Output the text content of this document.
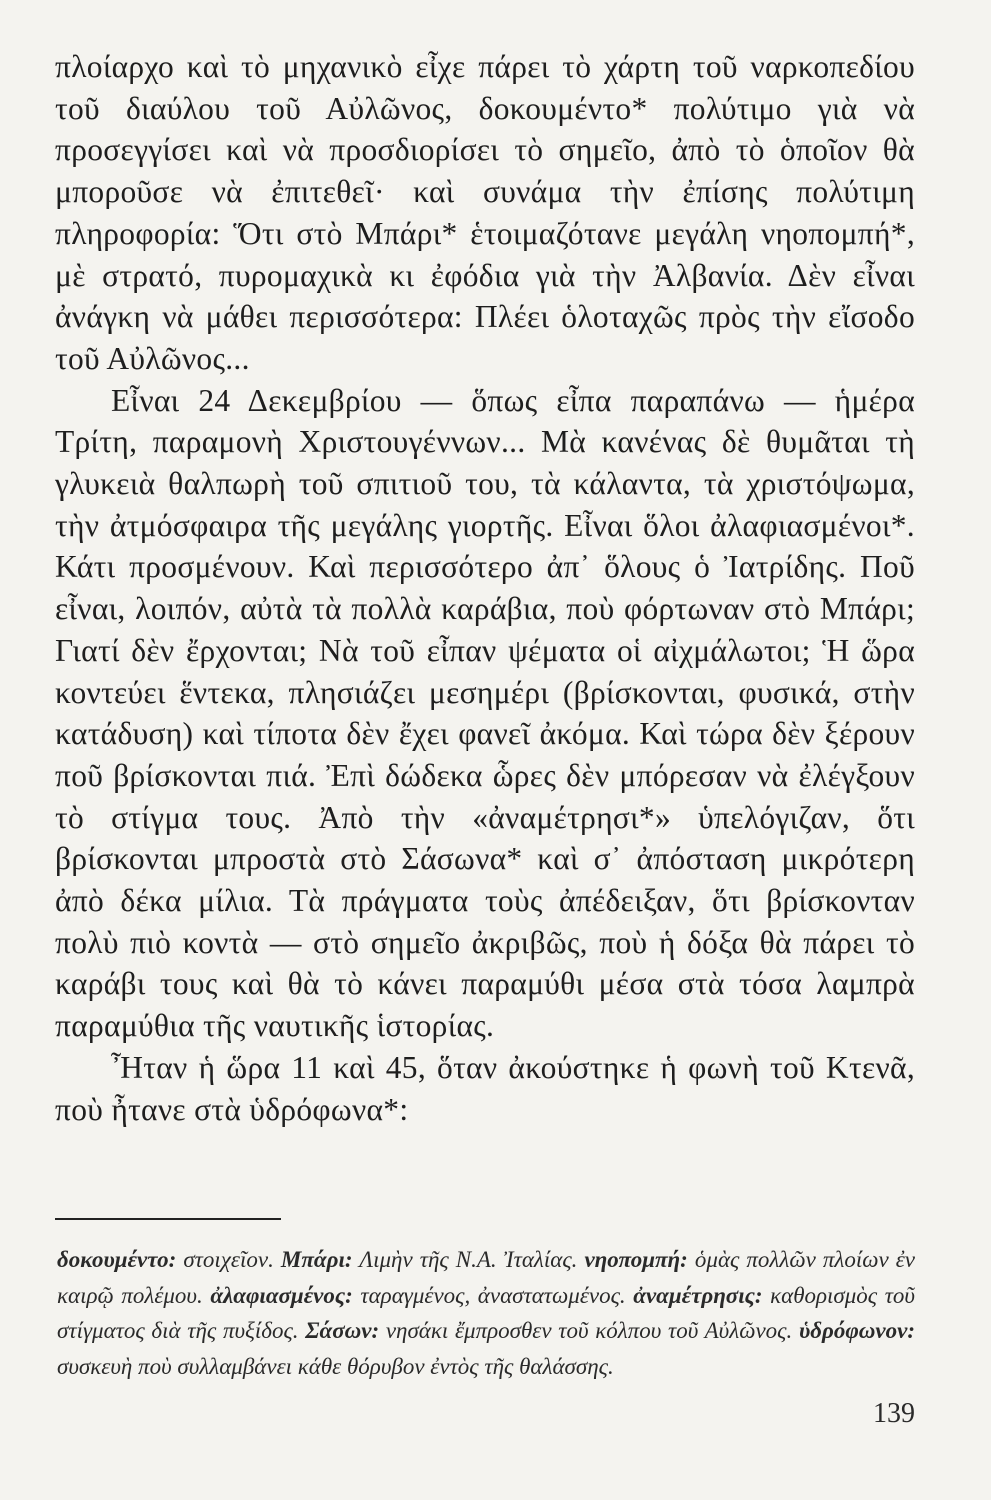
πλοίαρχο καὶ τὸ μηχανικὸ εἶχε πάρει τὸ χάρτη τοῦ ναρκοπεδίου τοῦ διαύλου τοῦ Αὐλῶνος, δοκουμέντο* πολύτιμο γιὰ νὰ προσεγγίσει καὶ νὰ προσδιορίσει τὸ σημεῖο, ἀπὸ τὸ ὁποῖον θὰ μποροῦσε νὰ ἐπιτεθεῖ· καὶ συνάμα τὴν ἐπίσης πολύτιμη πληροφορία: Ὅτι στὸ Μπάρι* ἑτοιμαζότανε μεγάλη νηοπομπή*, μὲ στρατό, πυρομαχικὰ κι ἐφόδια γιὰ τὴν Ἀλβανία. Δὲν εἶναι ἀνάγκη νὰ μάθει περισσότερα: Πλέει ὁλοταχῶς πρὸς τὴν εἴσοδο τοῦ Αὐλῶνος...

Εἶναι 24 Δεκεμβρίου — ὅπως εἶπα παραπάνω — ἡμέρα Τρίτη, παραμονὴ Χριστουγέννων... Μὰ κανένας δὲ θυμᾶται τὴ γλυκειὰ θαλπωρὴ τοῦ σπιτιοῦ του, τὰ κάλαντα, τὰ χριστόψωμα, τὴν ἀτμόσφαιρα τῆς μεγάλης γιορτῆς. Εἶναι ὅλοι ἀλαφιασμένοι*. Κάτι προσμένουν. Καὶ περισσότερο ἀπ᾽ ὅλους ὁ Ἰατρίδης. Ποῦ εἶναι, λοιπόν, αὐτὰ τὰ πολλὰ καράβια, ποὺ φόρτωναν στὸ Μπάρι; Γιατί δὲν ἔρχονται; Νὰ τοῦ εἶπαν ψέματα οἱ αἰχμάλωτοι; Ἡ ὥρα κοντεύει ἕντεκα, πλησιάζει μεσημέρι (βρίσκονται, φυσικά, στὴν κατάδυση) καὶ τίποτα δὲν ἔχει φανεῖ ἀκόμα. Καὶ τώρα δὲν ξέρουν ποῦ βρίσκονται πιά. Ἐπὶ δώδεκα ὧρες δὲν μπόρεσαν νὰ ἐλέγξουν τὸ στίγμα τους. Ἀπὸ τὴν «ἀναμέτρησι*» ὑπελόγιζαν, ὅτι βρίσκονται μπροστὰ στὸ Σάσωνα* καὶ σ᾽ ἀπόσταση μικρότερη ἀπὸ δέκα μίλια. Τὰ πράγματα τοὺς ἀπέδειξαν, ὅτι βρίσκονταν πολὺ πιὸ κοντὰ — στὸ σημεῖο ἀκριβῶς, ποὺ ἡ δόξα θὰ πάρει τὸ καράβι τους καὶ θὰ τὸ κάνει παραμύθι μέσα στὰ τόσα λαμπρὰ παραμύθια τῆς ναυτικῆς ἱστορίας.

Ἦταν ἡ ὥρα 11 καὶ 45, ὅταν ἀκούστηκε ἡ φωνὴ τοῦ Κτενᾶ, ποὺ ἦτανε στὰ ὑδρόφωνα*:

δοκουμέντο: στοιχεῖον. Μπάρι: Λιμὴν τῆς Ν.Α. Ἰταλίας. νηοπομπή: ὁμὰς πολλῶν πλοίων ἐν καιρῷ πολέμου. ἀλαφιασμένος: ταραγμένος, ἀναστατωμένος. ἀναμέτρησις: καθορισμὸς τοῦ στίγματος διὰ τῆς πυξίδος. Σάσων: νησάκι ἔμπροσθεν τοῦ κόλπου τοῦ Αὐλῶνος. ὑδρόφωνον: συσκευὴ ποὺ συλλαμβάνει κάθε θόρυβον ἐντὸς τῆς θαλάσσης.
139
